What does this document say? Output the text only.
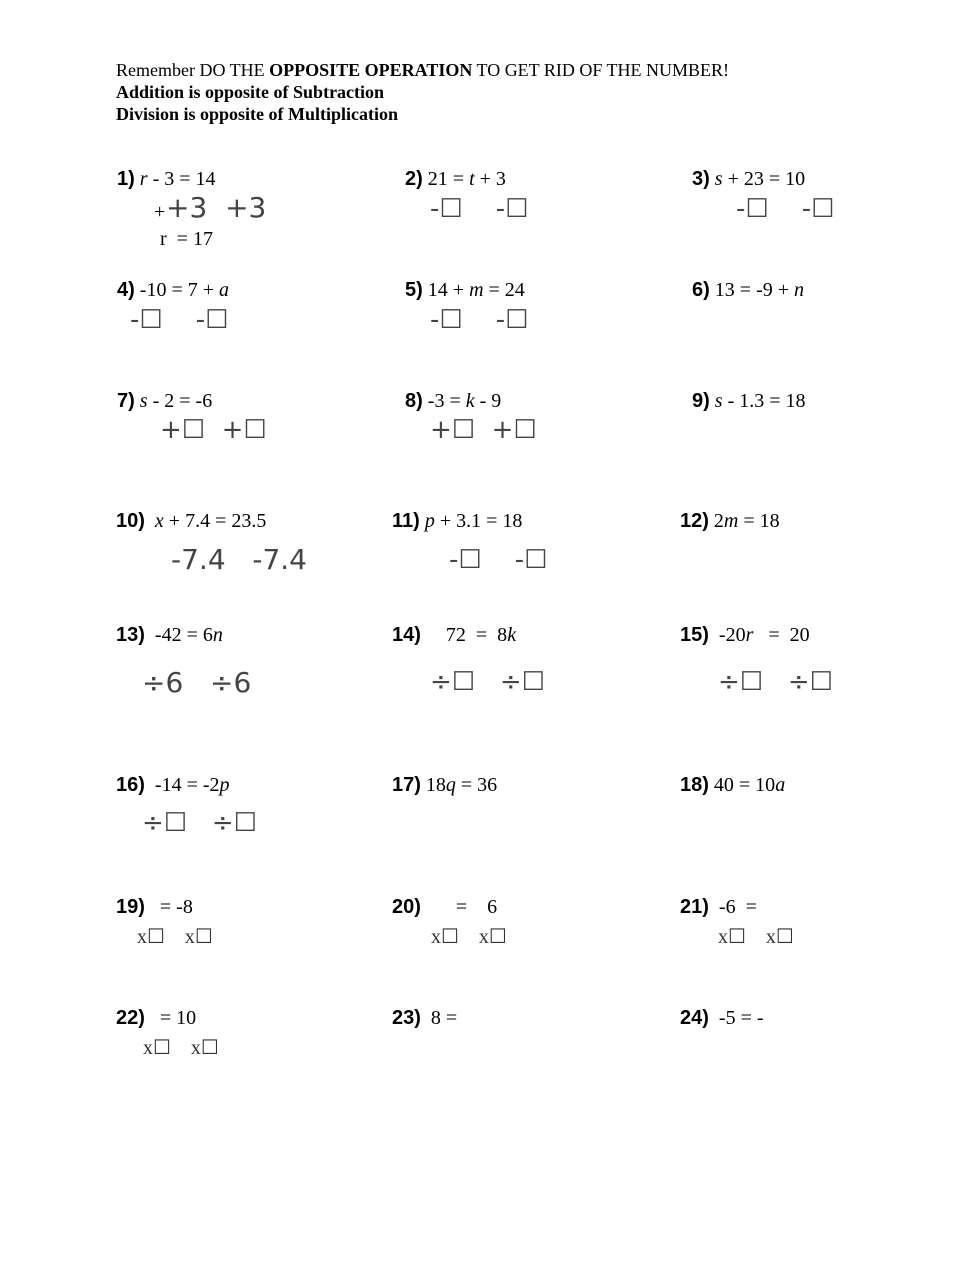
Remember DO THE OPPOSITE OPERATION TO GET RID OF THE NUMBER!
Addition is opposite of Subtraction
Division is opposite of Multiplication
1) r - 3 = 14
+ +3  +3
r  = 17
2) 21 = t + 3
-☐    -☐
3) s + 23 = 10
-☐    -☐
4) -10 = 7 + a
-☐    -☐
5) 14 + m = 24
-☐    -☐
6) 13 = -9 + n
7) s - 2 = -6
+☐  +☐
8) -3 = k - 9
+☐  +☐
9) s - 1.3 = 18
10) x + 7.4 = 23.5
-7.4   -7.4
11) p + 3.1 = 18
-☐    -☐
12) 2m = 18
13)  -42 = 6n
÷6   ÷6
14)     72  =  8k
÷☐   ÷☐
15)  -20r   =  20
÷☐   ÷☐
16)  -14 = -2p
÷☐   ÷☐
17) 18q = 36	18) 40 = 10a
19)   = -8
x☐    x☐
20)       =    6
x☐    x☐
21)  -6  =
x☐    x☐
22)   = 10
x☐    x☐
23)  8 =	24)  -5 = -
